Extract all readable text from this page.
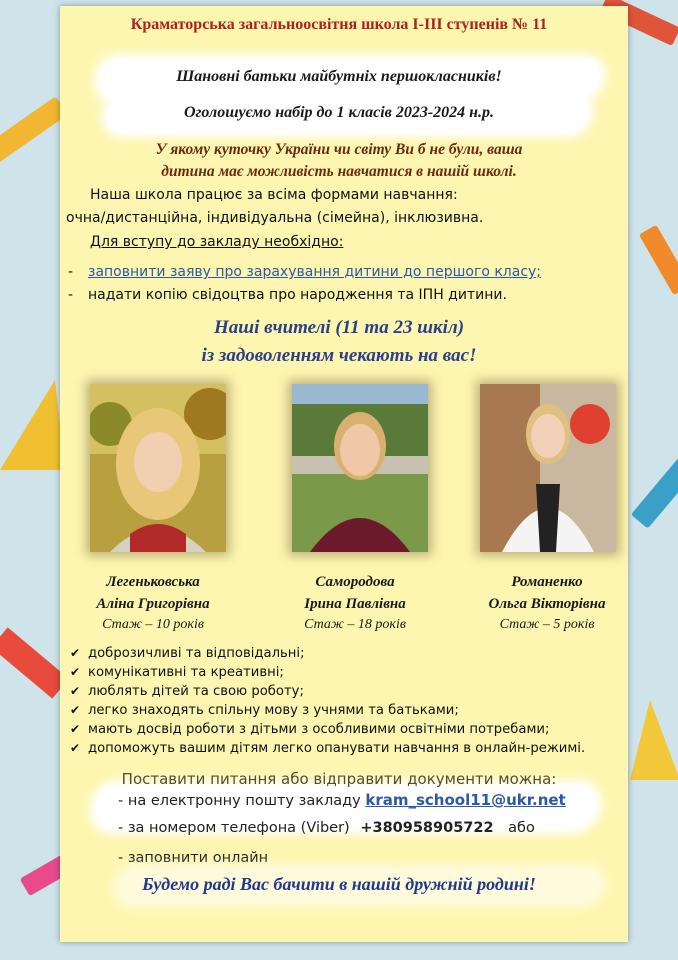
Краматорська загальноосвітня школа І-ІІІ ступенів № 11
Шановні батьки майбутніх першокласників!
Оголошуємо набір до 1 класів 2023-2024 н.р.
У якому куточку України чи світу Ви б не були, ваша
дитина має можливість навчатися в нашій школі.
Наша школа працює за всіма формами навчання:
очна/дистанційна, індивідуальна (сімейна), інклюзивна.
Для вступу до закладу необхідно:
- заповнити заяву про зарахування дитини до першого класу;
- надати копію свідоцтва про народження та ІПН дитини.
Наші вчителі (11 та 23 шкіл)
із задоволенням чекають на вас!
Легеньковська
Аліна Григорівна
Стаж – 10 років
Самородова
Ірина Павлівна
Стаж – 18 років
Романенко
Ольга Вікторівна
Стаж – 5 років
✔ доброзичливі та відповідальні;
✔ комунікативні та креативні;
✔ люблять дітей та свою роботу;
✔ легко знаходять спільну мову з учнями та батьками;
✔ мають досвід роботи з дітьми з особливими освітніми потребами;
✔ допоможуть вашим дітям легко опанувати навчання в онлайн-режимі.
Поставити питання або відправити документи можна:
- на електронну пошту закладу kram_school11@ukr.net
- за номером телефона (Viber) +380958905722 або
- заповнити онлайн
Будемо раді Вас бачити в нашій дружній родині!
